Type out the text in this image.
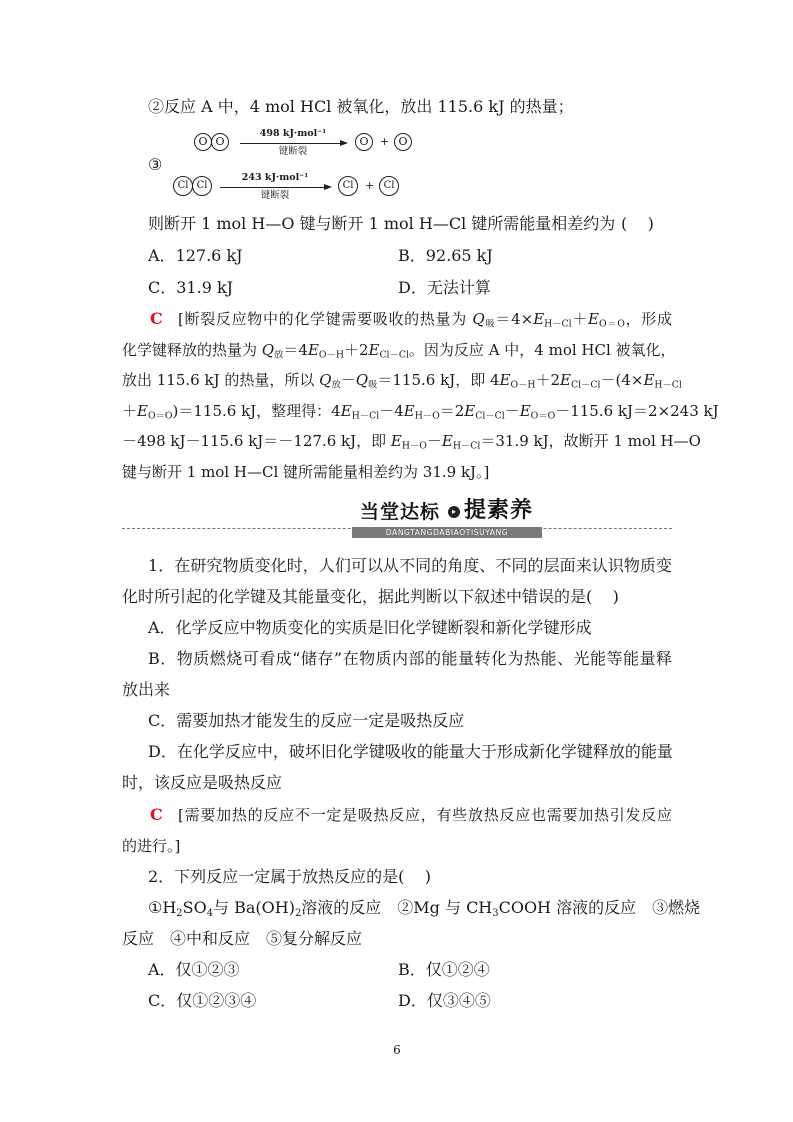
②反应 A 中，4 mol HCl 被氧化，放出 115.6 kJ 的热量；
O O
498 kJ·mol$^{-1}$
键断裂
O	+ O
③
Cl Cl
243 kJ·mol$^{-1}$
键断裂
Cl	+ Cl
则断开 1 mol H—O 键与断开 1 mol H—Cl 键所需能量相差约为 (    )
A．127.6 kJ	B．92.65 kJ
C．31.9 kJ	D．无法计算
C [断裂反应物中的化学键需要吸收的热量为 $Q_吸=4\times E_{H-Cl}+E_{O=O}$，形成
化学键释放的热量为 $Q_放=4E_{O-H}+2E_{Cl-Cl}$。因为反应 A 中，4 mol HCl 被氧化，
放出 115.6 kJ 的热量，所以 $Q_放-Q_吸=115.6$ kJ，即 $4E_{O-H}+2E_{Cl-Cl}-(4\times E_{H-Cl}$
$+E_{O=O})=115.6$ kJ，整理得：$4E_{H-Cl}-4E_{H-O}=2E_{Cl-Cl}-E_{O=O}-115.6$ kJ＝2×243 kJ
－498 kJ－115.6 kJ＝－127.6 kJ，即 $E_{H-O}-E_{H-Cl}=31.9$ kJ，故断开 1 mol H—O
键与断开 1 mol H—Cl 键所需能量相差约为 31.9 kJ。]
当堂达标	▸ 提素养
DANGTANGDABIAOTISUYANG
1．在研究物质变化时，人们可以从不同的角度、不同的层面来认识物质变
化时所引起的化学键及其能量变化，据此判断以下叙述中错误的是(    )
A．化学反应中物质变化的实质是旧化学键断裂和新化学键形成
B．物质燃烧可看成“储存”在物质内部的能量转化为热能、光能等能量释
放出来
C．需要加热才能发生的反应一定是吸热反应
D．在化学反应中，破坏旧化学键吸收的能量大于形成新化学键释放的能量
时，该反应是吸热反应
C [需要加热的反应不一定是吸热反应，有些放热反应也需要加热引发反应
的进行。]
2．下列反应一定属于放热反应的是(    )
$①H_2SO_4$与 $Ba(OH)_2$溶液的反应　②Mg 与 $CH_3COOH$ 溶液的反应　③燃烧
反应　④中和反应　⑤复分解反应
A．仅①②③	B．仅①②④
C．仅①②③④	D．仅③④⑤
6
